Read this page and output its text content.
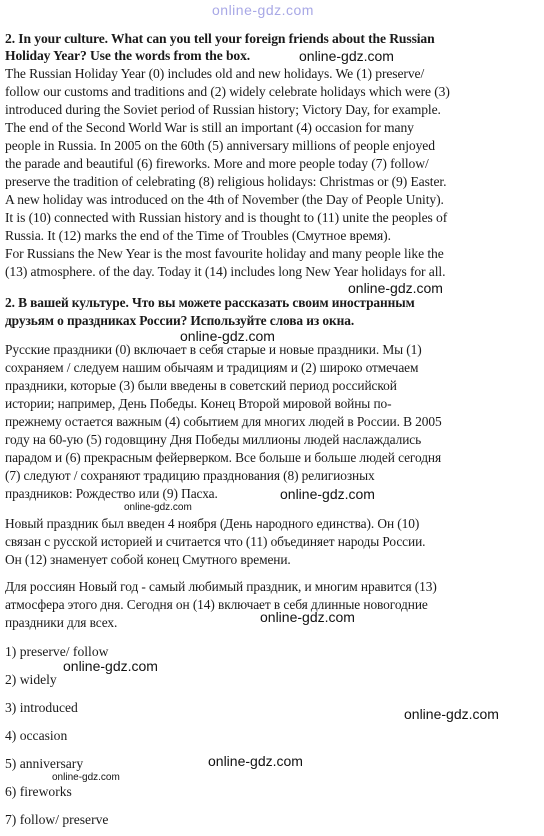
online-gdz.com
2. In your culture. What can you tell your foreign friends about the Russian
Holiday Year? Use the words from the box.	online-gdz.com
The Russian Holiday Year (0) includes old and new holidays. We (1) preserve/
follow our customs and traditions and (2) widely celebrate holidays which were (3)
introduced during the Soviet period of Russian history; Victory Day, for example.
The end of the Second World War is still an important (4) occasion for many
people in Russia. In 2005 on the 60th (5) anniversary millions of people enjoyed
the parade and beautiful (6) fireworks. More and more people today (7) follow/
preserve the tradition of celebrating (8) religious holidays: Christmas or (9) Easter.
A new holiday was introduced on the 4th of November (the Day of People Unity).
It is (10) connected with Russian history and is thought to (11) unite the peoples of
Russia. It (12) marks the end of the Time of Troubles (Смутное время).
For Russians the New Year is the most favourite holiday and many people like the
(13) atmosphere. of the day. Today it (14) includes long New Year holidays for all.
online-gdz.com
2. В вашей культуре. Что вы можете рассказать своим иностранным
друзьям о праздниках России? Используйте слова из окна.
online-gdz.com
Русские праздники (0) включает в себя старые и новые праздники. Мы (1)
сохраняем / следуем нашим обычаям и традициям и (2) широко отмечаем
праздники, которые (3) были введены в советский период российской
истории; например, День Победы. Конец Второй мировой войны по-
прежнему остается важным (4) событием для многих людей в России. В 2005
году на 60-ую (5) годовщину Дня Победы миллионы людей наслаждались
парадом и (6) прекрасным фейерверком. Все больше и больше людей сегодня
(7) следуют / сохраняют традицию празднования (8) религиозных
праздников: Рождество или (9) Пасха.	online-gdz.com
online-gdz.com
Новый праздник был введен 4 ноября (День народного единства). Он (10)
связан с русской историей и считается что (11) объединяет народы России.
Он (12) знаменует собой конец Смутного времени.
Для россиян Новый год - самый любимый праздник, и многим нравится (13)
атмосфера этого дня. Сегодня он (14) включает в себя длинные новогодние
праздники для всех.	online-gdz.com
1) preserve/ follow
online-gdz.com
2) widely
3) introduced	online-gdz.com
4) occasion
online-gdz.com
5) anniversary
online-gdz.com
6) fireworks
7) follow/ preserve
